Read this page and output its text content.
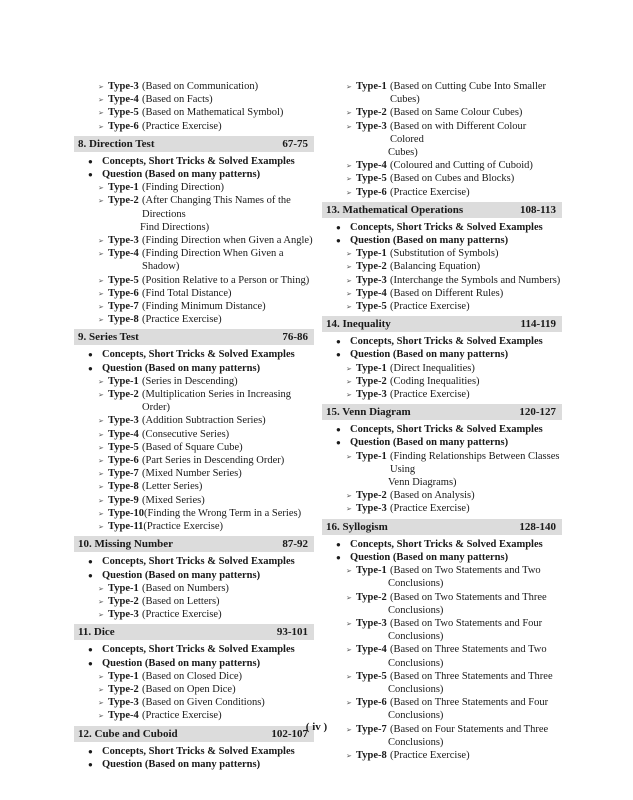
➢ Type-3 (Based on Communication)
➢ Type-4 (Based on Facts)
➢ Type-5 (Based on Mathematical Symbol)
➢ Type-6 (Practice Exercise)
8. Direction Test	67-75
● Concepts, Short Tricks & Solved Examples
● Question (Based on many patterns)
➢ Type-1 (Finding Direction)
➢ Type-2 (After Changing This Names of the Directions
Find Directions)
➢ Type-3 (Finding Direction when Given a Angle)
➢ Type-4 (Finding Direction When Given a Shadow)
➢ Type-5 (Position Relative to a Person or Thing)
➢ Type-6 (Find Total Distance)
➢ Type-7 (Finding Minimum Distance)
➢ Type-8 (Practice Exercise)
9. Series Test	76-86
● Concepts, Short Tricks & Solved Examples
● Question (Based on many patterns)
➢ Type-1 (Series in Descending)
➢ Type-2 (Multiplication Series in Increasing Order)
➢ Type-3 (Addition Subtraction Series)
➢ Type-4 (Consecutive Series)
➢ Type-5 (Based of Square Cube)
➢ Type-6 (Part Series in Descending Order)
➢ Type-7 (Mixed Number Series)
➢ Type-8 (Letter Series)
➢ Type-9 (Mixed Series)
➢ Type-10 (Finding the Wrong Term in a Series)
➢ Type-11 (Practice Exercise)
10. Missing Number	87-92
● Concepts, Short Tricks & Solved Examples
● Question (Based on many patterns)
➢ Type-1 (Based on Numbers)
➢ Type-2 (Based on Letters)
➢ Type-3 (Practice Exercise)
11. Dice	93-101
● Concepts, Short Tricks & Solved Examples
● Question (Based on many patterns)
➢ Type-1 (Based on Closed Dice)
➢ Type-2 (Based on Open Dice)
➢ Type-3 (Based on Given Conditions)
➢ Type-4 (Practice Exercise)
12. Cube and Cuboid	102-107
● Concepts, Short Tricks & Solved Examples
● Question (Based on many patterns)
➢ Type-1 (Based on Cutting Cube Into Smaller Cubes)
➢ Type-2 (Based on Same Colour Cubes)
➢ Type-3 (Based on with Different Colour Colored
Cubes)
➢ Type-4 (Coloured and Cutting of Cuboid)
➢ Type-5 (Based on Cubes and Blocks)
➢ Type-6 (Practice Exercise)
13. Mathematical Operations	108-113
● Concepts, Short Tricks & Solved Examples
● Question (Based on many patterns)
➢ Type-1 (Substitution of Symbols)
➢ Type-2 (Balancing Equation)
➢ Type-3 (Interchange the Symbols and Numbers)
➢ Type-4 (Based on Different Rules)
➢ Type-5 (Practice Exercise)
14. Inequality	114-119
● Concepts, Short Tricks & Solved Examples
● Question (Based on many patterns)
➢ Type-1 (Direct Inequalities)
➢ Type-2 (Coding Inequalities)
➢ Type-3 (Practice Exercise)
15. Venn Diagram	120-127
● Concepts, Short Tricks & Solved Examples
● Question (Based on many patterns)
➢ Type-1 (Finding Relationships Between Classes Using
Venn Diagrams)
➢ Type-2 (Based on Analysis)
➢ Type-3 (Practice Exercise)
16. Syllogism	128-140
● Concepts, Short Tricks & Solved Examples
● Question (Based on many patterns)
➢ Type-1 (Based on Two Statements and Two
Conclusions)
➢ Type-2 (Based on Two Statements and Three
Conclusions)
➢ Type-3 (Based on Two Statements and Four
Conclusions)
➢ Type-4 (Based on Three Statements and Two
Conclusions)
➢ Type-5 (Based on Three Statements and Three
Conclusions)
➢ Type-6 (Based on Three Statements and Four
Conclusions)
➢ Type-7 (Based on Four Statements and Three
Conclusions)
➢ Type-8 (Practice Exercise)
( iv )
